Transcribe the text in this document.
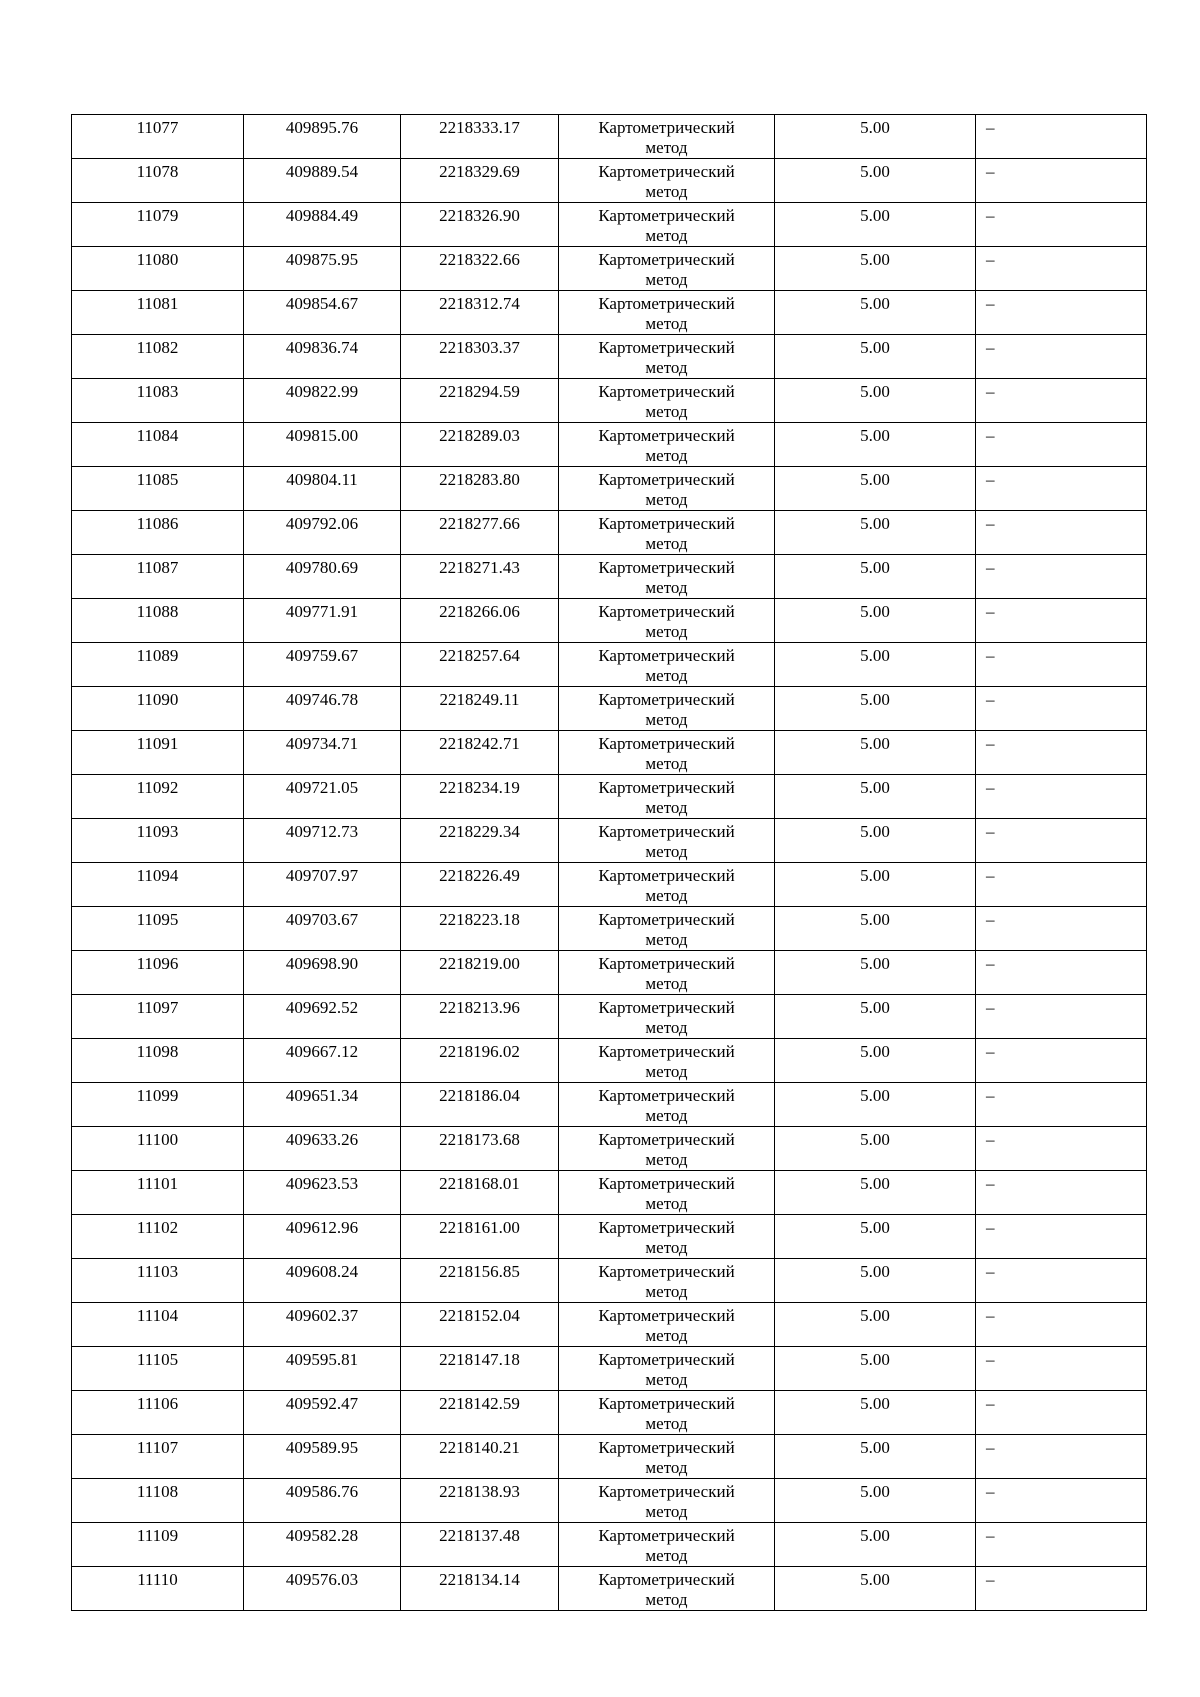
11077	409895.76	2218333.17	Картометрический
метод	5.00	–
11078	409889.54	2218329.69	Картометрический
метод	5.00	–
11079	409884.49	2218326.90	Картометрический
метод	5.00	–
11080	409875.95	2218322.66	Картометрический
метод	5.00	–
11081	409854.67	2218312.74	Картометрический
метод	5.00	–
11082	409836.74	2218303.37	Картометрический
метод	5.00	–
11083	409822.99	2218294.59	Картометрический
метод	5.00	–
11084	409815.00	2218289.03	Картометрический
метод	5.00	–
11085	409804.11	2218283.80	Картометрический
метод	5.00	–
11086	409792.06	2218277.66	Картометрический
метод	5.00	–
11087	409780.69	2218271.43	Картометрический
метод	5.00	–
11088	409771.91	2218266.06	Картометрический
метод	5.00	–
11089	409759.67	2218257.64	Картометрический
метод	5.00	–
11090	409746.78	2218249.11	Картометрический
метод	5.00	–
11091	409734.71	2218242.71	Картометрический
метод	5.00	–
11092	409721.05	2218234.19	Картометрический
метод	5.00	–
11093	409712.73	2218229.34	Картометрический
метод	5.00	–
11094	409707.97	2218226.49	Картометрический
метод	5.00	–
11095	409703.67	2218223.18	Картометрический
метод	5.00	–
11096	409698.90	2218219.00	Картометрический
метод	5.00	–
11097	409692.52	2218213.96	Картометрический
метод	5.00	–
11098	409667.12	2218196.02	Картометрический
метод	5.00	–
11099	409651.34	2218186.04	Картометрический
метод	5.00	–
11100	409633.26	2218173.68	Картометрический
метод	5.00	–
11101	409623.53	2218168.01	Картометрический
метод	5.00	–
11102	409612.96	2218161.00	Картометрический
метод	5.00	–
11103	409608.24	2218156.85	Картометрический
метод	5.00	–
11104	409602.37	2218152.04	Картометрический
метод	5.00	–
11105	409595.81	2218147.18	Картометрический
метод	5.00	–
11106	409592.47	2218142.59	Картометрический
метод	5.00	–
11107	409589.95	2218140.21	Картометрический
метод	5.00	–
11108	409586.76	2218138.93	Картометрический
метод	5.00	–
11109	409582.28	2218137.48	Картометрический
метод	5.00	–
11110	409576.03	2218134.14	Картометрический
метод	5.00	–
